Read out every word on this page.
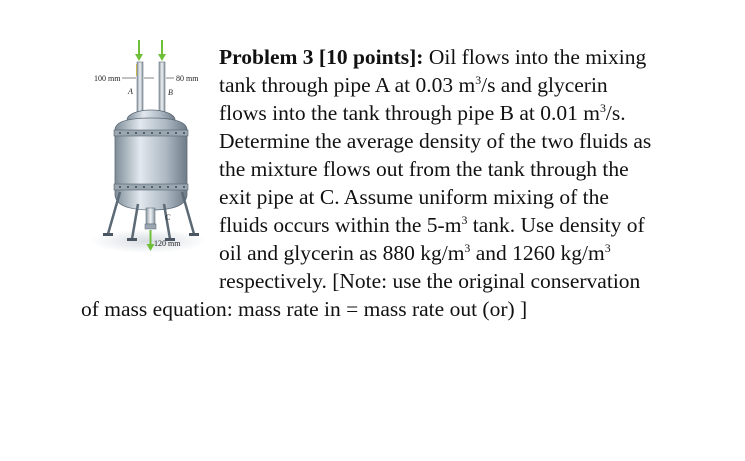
100 mm	80 mm
A	B
C
120 mm
Problem 3 [10 points]: Oil flows into the mixing
tank through pipe A at 0.03 $m^3/s$ and glycerin
flows into the tank through pipe B at 0.01 $m^3/s$.
Determine the average density of the two fluids as
the mixture flows out from the tank through the
exit pipe at C. Assume uniform mixing of the
fluids occurs within the $5-m^3$ tank. Use density of
oil and glycerin as 880 $kg/m^3$ and 1260 $kg/m^3$
respectively. [Note: use the original conservation
of mass equation: mass rate in = mass rate out (or) ]
